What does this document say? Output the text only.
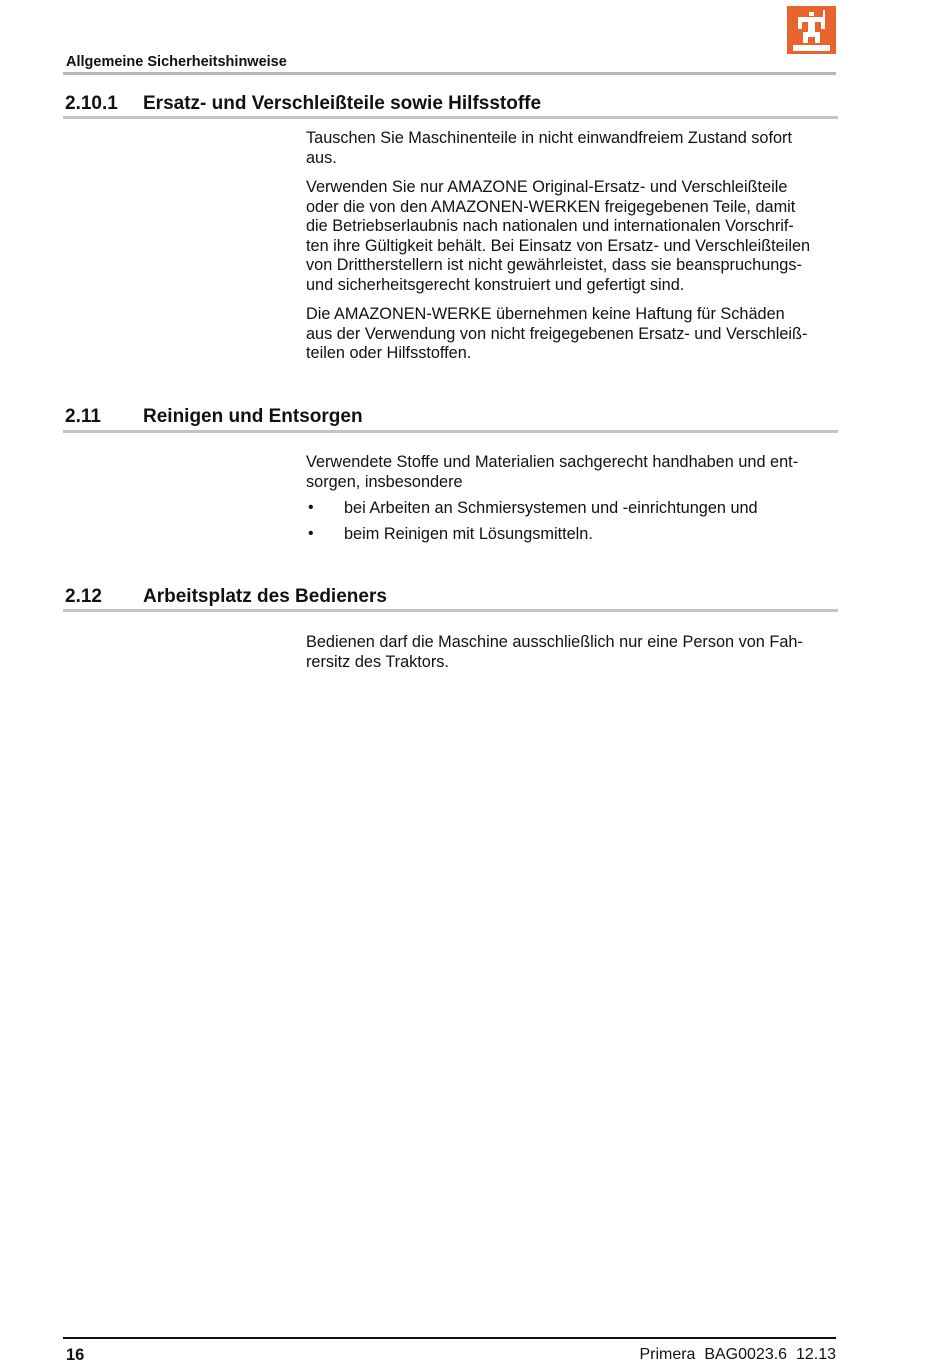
Allgemeine Sicherheitshinweise
2.10.1 Ersatz- und Verschleißteile sowie Hilfsstoffe

Tauschen Sie Maschinenteile in nicht einwandfreiem Zustand sofort
aus.

Verwenden Sie nur AMAZONE Original-Ersatz- und Verschleißteile
oder die von den AMAZONEN-WERKEN freigegebenen Teile, damit
die Betriebserlaubnis nach nationalen und internationalen Vorschrif-
ten ihre Gültigkeit behält. Bei Einsatz von Ersatz- und Verschleißteilen
von Drittherstellern ist nicht gewährleistet, dass sie beanspruchungs-
und sicherheitsgerecht konstruiert und gefertigt sind.

Die AMAZONEN-WERKE übernehmen keine Haftung für Schäden
aus der Verwendung von nicht freigegebenen Ersatz- und Verschleiß-
teilen oder Hilfsstoffen.

2.11 Reinigen und Entsorgen

Verwendete Stoffe und Materialien sachgerecht handhaben und ent-
sorgen, insbesondere

• bei Arbeiten an Schmiersystemen und -einrichtungen und
• beim Reinigen mit Lösungsmitteln.
2.12 Arbeitsplatz des Bedieners

Bedienen darf die Maschine ausschließlich nur eine Person von Fah-
rersitz des Traktors.

16	Primera  BAG0023.6  12.13
